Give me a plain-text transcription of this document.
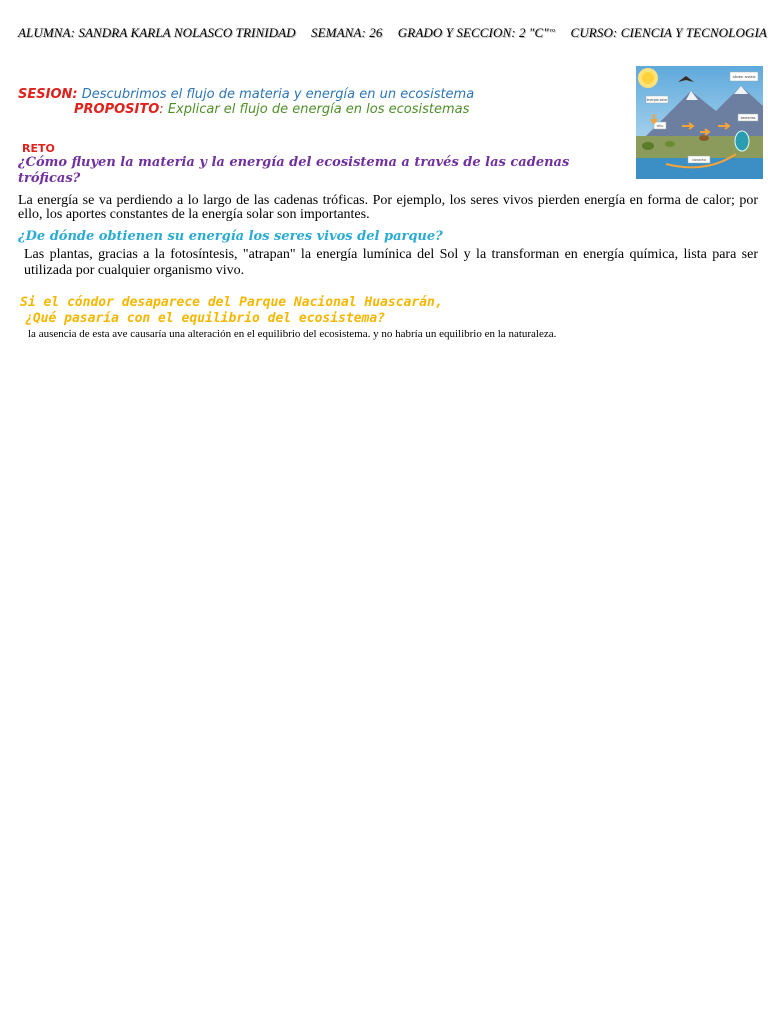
ALUMNA: SANDRA KARLA NOLASCO TRINIDAD SEMANA: 26 GRADO Y SECCION: 2 "C"$^{ro}$ CURSO: CIENCIA Y TECNOLOGIA
SESION: Descubrimos el flujo de materia y energía en un ecosistema
PROPOSITO: Explicar el flujo de energía en los ecosistemas
cóndor andino
energía solar
bacterias
ichu
vizcacha
RETO
¿Cómo fluyen la materia y la energía del ecosistema a través de las cadenas tróficas?
La energía se va perdiendo a lo largo de las cadenas tróficas. Por ejemplo, los seres vivos pierden energía en forma de calor; por ello, los aportes constantes de la energía solar son importantes.
¿De dónde obtienen su energía los seres vivos del parque?
Las plantas, gracias a la fotosíntesis, "atrapan" la energía lumínica del Sol y la transforman en energía química, lista para ser utilizada por cualquier organismo vivo.
Si el cóndor desaparece del Parque Nacional Huascarán,
¿Qué pasaría con el equilibrio del ecosistema?
la ausencia de esta ave causaría una alteración en el equilibrio del ecosistema. y no habría un equilibrio en la naturaleza.
